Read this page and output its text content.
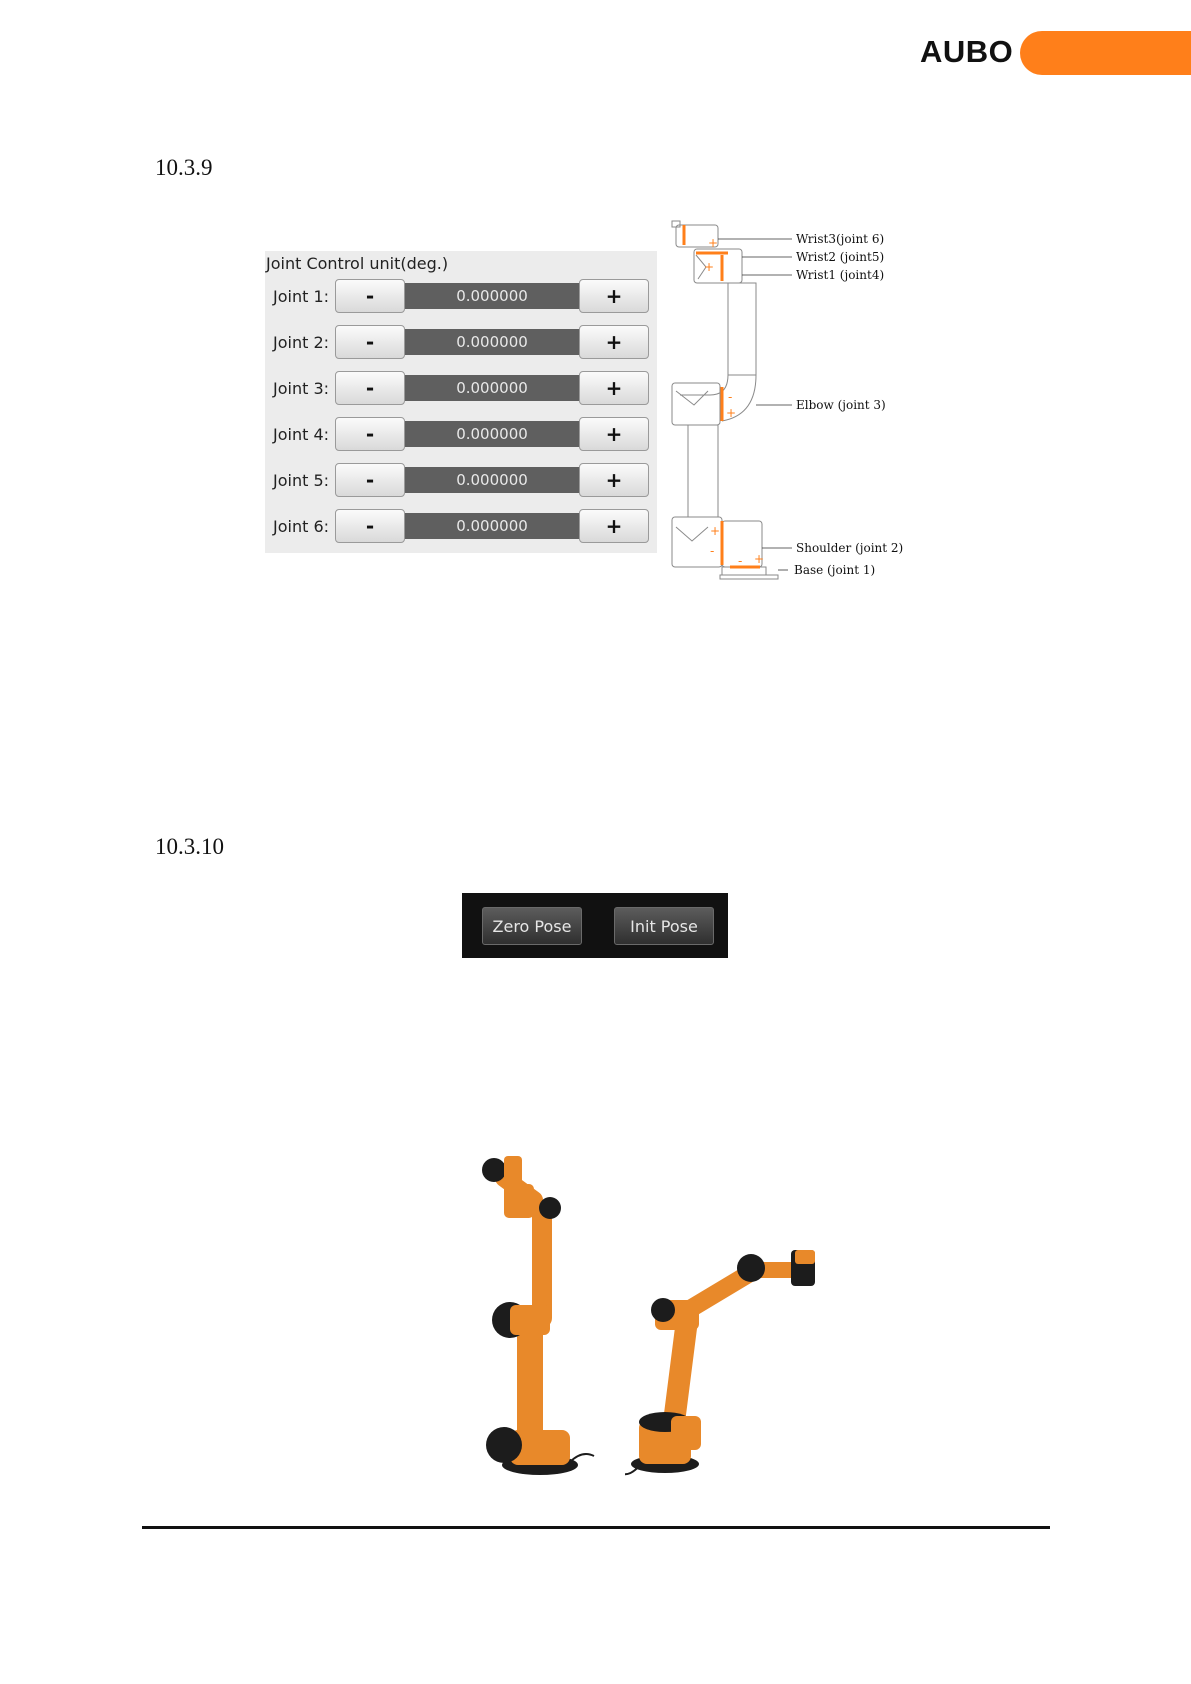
AUBO
10.3.9
Joint Control unit(deg.)
Joint 1:	-	0.000000	+
Joint 2:	-	0.000000	+
Joint 3:	-	0.000000	+
Joint 4:	-	0.000000	+
Joint 5:	-	0.000000	+
Joint 6:	-	0.000000	+
+
+
+
-
+
-
- +
Wrist3(joint 6)
Wrist2 (joint5)
Wrist1 (joint4)
Elbow (joint 3)
Shoulder (joint 2)
Base (joint 1)
10.3.10
Zero Pose	Init Pose
